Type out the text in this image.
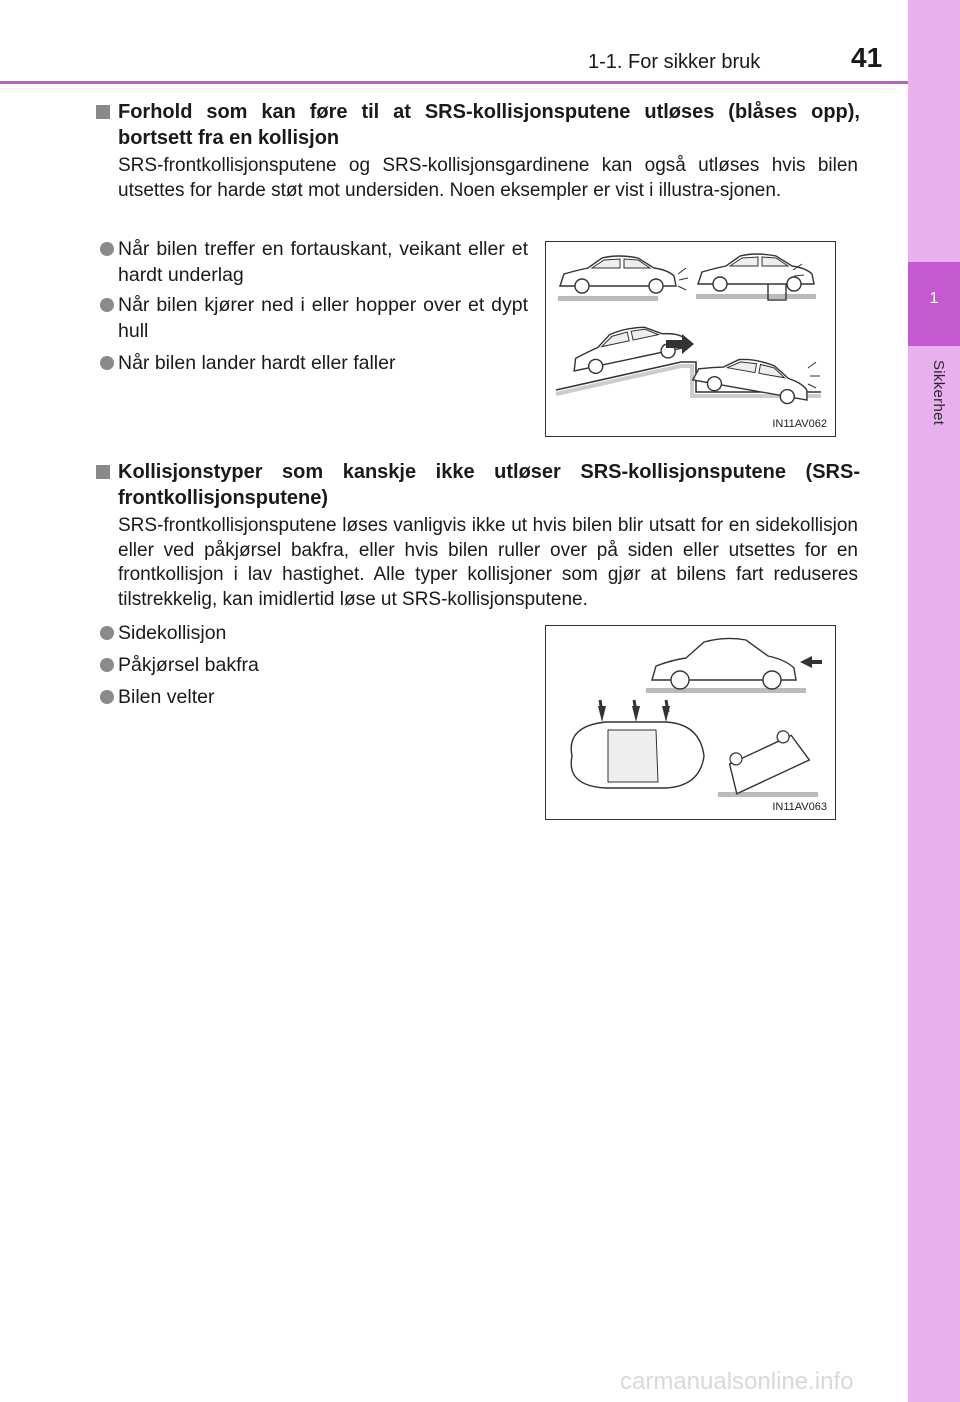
1
Sikkerhet
1-1. For sikker bruk	41
Forhold som kan føre til at SRS-kollisjonsputene utløses (blåses opp), bortsett fra en kollisjon
SRS-frontkollisjonsputene og SRS-kollisjonsgardinene kan også utløses hvis bilen utsettes for harde støt mot undersiden. Noen eksempler er vist i illustra-sjonen.
Når bilen treffer en fortauskant, veikant eller et hardt underlag
Når bilen kjører ned i eller hopper over et dypt hull
Når bilen lander hardt eller faller
IN11AV062
Kollisjonstyper som kanskje ikke utløser SRS-kollisjonsputene (SRS-frontkollisjonsputene)
SRS-frontkollisjonsputene løses vanligvis ikke ut hvis bilen blir utsatt for en sidekollisjon eller ved påkjørsel bakfra, eller hvis bilen ruller over på siden eller utsettes for en frontkollisjon i lav hastighet. Alle typer kollisjoner som gjør at bilens fart reduseres tilstrekkelig, kan imidlertid løse ut SRS-kollisjonsputene.
Sidekollisjon
Påkjørsel bakfra
Bilen velter
IN11AV063
carmanualsonline.info
